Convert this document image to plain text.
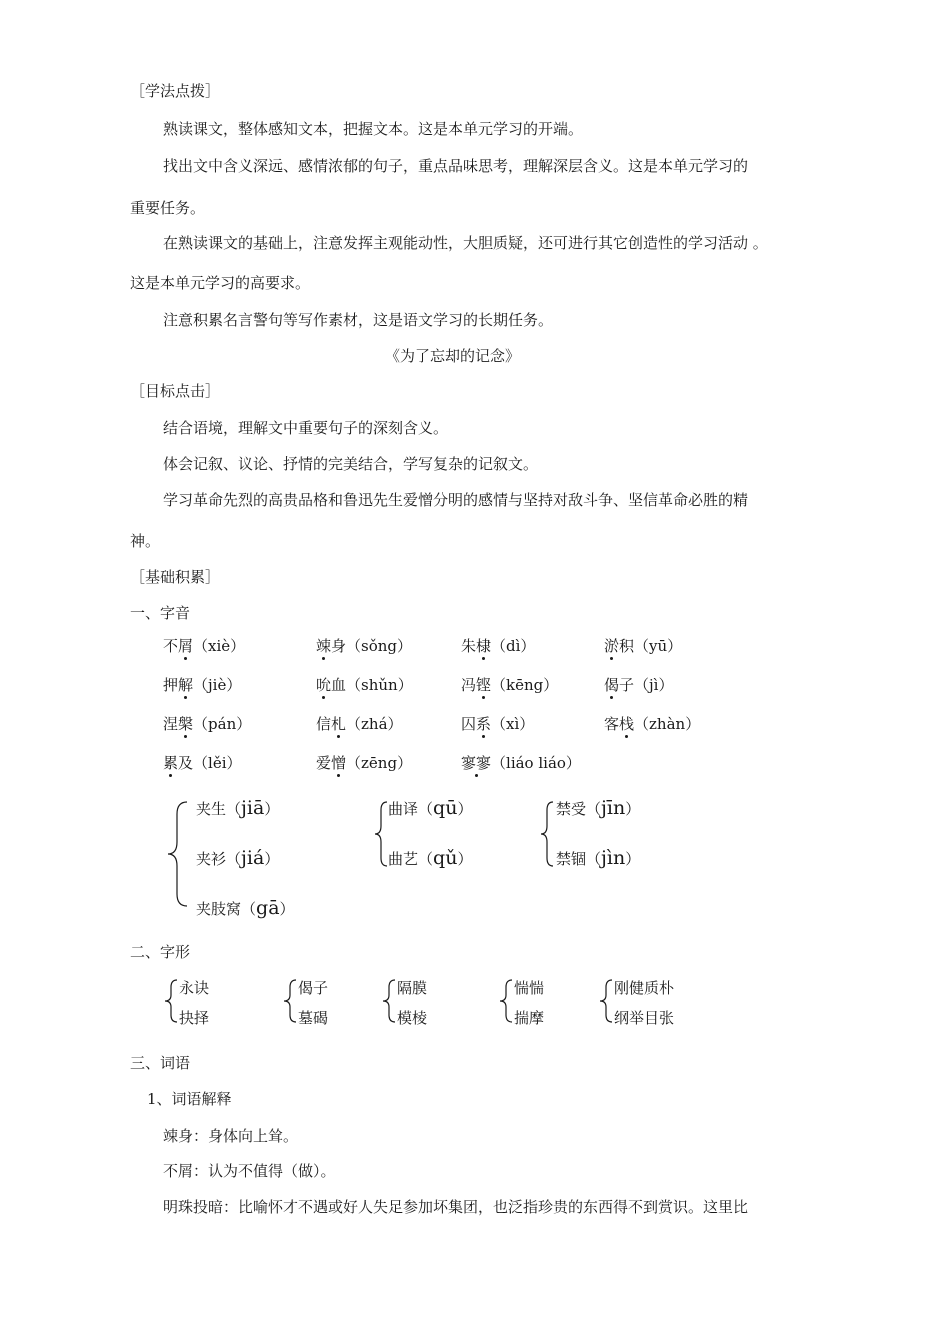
［学法点拨］
熟读课文，整体感知文本，把握文本。这是本单元学习的开端。
找出文中含义深远、感情浓郁的句子，重点品味思考，理解深层含义。这是本单元学习的
重要任务。
在熟读课文的基础上，注意发挥主观能动性，大胆质疑，还可进行其它创造性的学习活动 。
这是本单元学习的高要求。
注意积累名言警句等写作素材，这是语文学习的长期任务。
《为了忘却的记念》
［目标点击］
结合语境，理解文中重要句子的深刻含义。
体会记叙、议论、抒情的完美结合，学写复杂的记叙文。
学习革命先烈的高贵品格和鲁迅先生爱憎分明的感情与坚持对敌斗争、坚信革命必胜的精
神。
［基础积累］
一、字音
不屑（xiè）	竦身（sǒng）	朱棣（dì）	淤积（yū）
押解（jiè）	吮血（shǔn）	冯铿（kēng）	偈子（jì）
涅槃（pán）	信札（zhá）	囚系（xì）	客栈（zhàn）
累及（lěi）	爱憎（zēng）	寥寥（liáo liáo）
夹生（jiā）
夹衫（jiá）
夹肢窝（gā）
曲译（qū）
曲艺（qǔ）
禁受（jīn）
禁锢（jìn）
二、字形
永诀
抉择
偈子
墓碣
隔膜
模棱
惴惴
揣摩
刚健质朴
纲举目张
三、词语
1、词语解释
竦身：身体向上耸。
不屑：认为不值得（做）。
明珠投暗：比喻怀才不遇或好人失足参加坏集团，也泛指珍贵的东西得不到赏识。这里比
